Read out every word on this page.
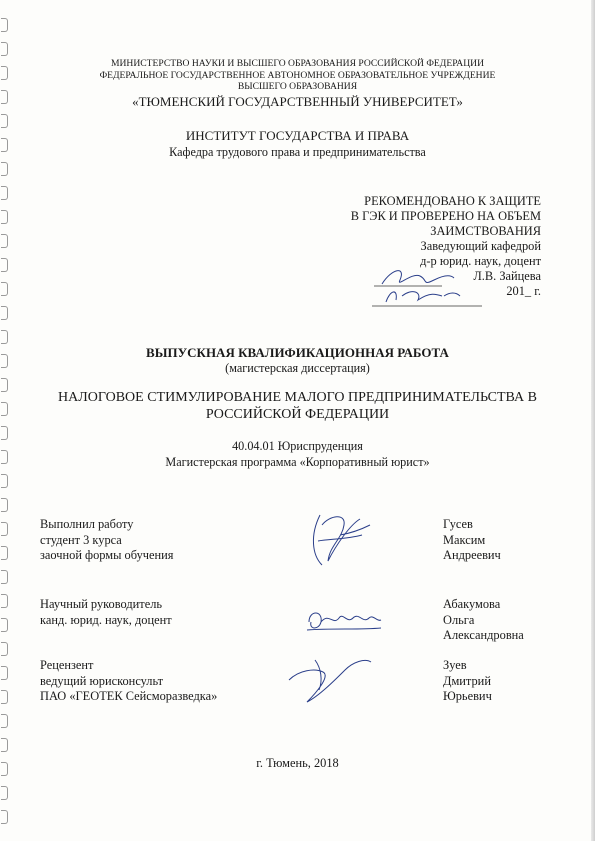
МИНИСТЕРСТВО НАУКИ И ВЫСШЕГО ОБРАЗОВАНИЯ РОССИЙСКОЙ ФЕДЕРАЦИИ
ФЕДЕРАЛЬНОЕ ГОСУДАРСТВЕННОЕ АВТОНОМНОЕ ОБРАЗОВАТЕЛЬНОЕ УЧРЕЖДЕНИЕ
ВЫСШЕГО ОБРАЗОВАНИЯ
«ТЮМЕНСКИЙ ГОСУДАРСТВЕННЫЙ УНИВЕРСИТЕТ»
ИНСТИТУТ ГОСУДАРСТВА И ПРАВА
Кафедра трудового права и предпринимательства
РЕКОМЕНДОВАНО К ЗАЩИТЕ
В ГЭК И ПРОВЕРЕНО НА ОБЪЕМ
ЗАИМСТВОВАНИЯ
Заведующий кафедрой
д-р юрид. наук, доцент
Л.В. Зайцева
201_ г.
ВЫПУСКНАЯ КВАЛИФИКАЦИОННАЯ РАБОТА
(магистерская диссертация)
НАЛОГОВОЕ СТИМУЛИРОВАНИЕ МАЛОГО ПРЕДПРИНИМАТЕЛЬСТВА В РОССИЙСКОЙ ФЕДЕРАЦИИ
40.04.01 Юриспруденция
Магистерская программа «Корпоративный юрист»
Выполнил работу
студент 3 курса
заочной формы обучения
Гусев
Максим
Андреевич
Научный руководитель
канд. юрид. наук, доцент
Абакумова
Ольга
Александровна
Рецензент
ведущий юрисконсульт
ПАО «ГЕОТЕК Сейсморазведка»
Зуев
Дмитрий
Юрьевич
г. Тюмень, 2018
